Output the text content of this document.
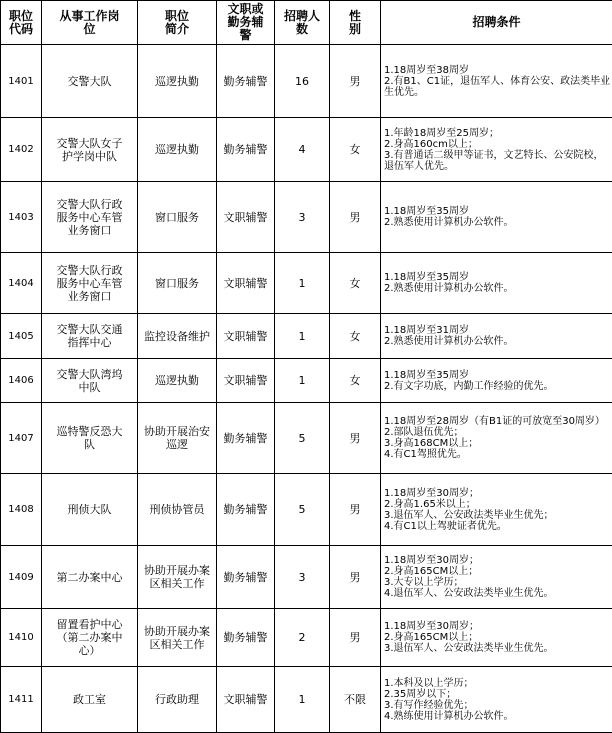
职位
代码	从事工作岗
位	职位
简介	文职或
勤务辅
警	招聘人
数	性
别	招聘条件
1401	交警大队	巡逻执勤	勤务辅警	16	男	1.18周岁至38周岁
2.有B1、C1证，退伍军人、体育公安、政法类毕业生优先。

1402	交警大队女子
护学岗中队	巡逻执勤	勤务辅警	4	女	1.年龄18周岁至25周岁；
2.身高160cm以上；
3.有普通话二级甲等证书，文艺特长、公安院校，退伍军人优先。

1403	交警大队行政
服务中心车管
业务窗口	窗口服务	文职辅警	3	男	1.18周岁至35周岁
2.熟悉使用计算机办公软件。

1404	交警大队行政
服务中心车管
业务窗口	窗口服务	文职辅警	1	女	1.18周岁至35周岁
2.熟悉使用计算机办公软件。

1405	交警大队交通
指挥中心	监控设备维护	文职辅警	1	女	1.18周岁至31周岁
2.熟悉使用计算机办公软件。

1406	交警大队湾坞
中队	巡逻执勤	文职辅警	1	女	1.18周岁至35周岁
2.有文字功底，内勤工作经验的优先。

1407	巡特警反恐大
队	协助开展治安
巡逻	勤务辅警	5	男	1.18周岁至28周岁（有B1证的可放宽至30周岁）
2.部队退伍优先；
3.身高168CM以上；
4.有C1驾照优先。

1408	刑侦大队	刑侦协管员	勤务辅警	5	男	1.18周岁至30周岁；
2.身高1.65米以上；
3.退伍军人、公安政法类毕业生优先；
4.有C1以上驾驶证者优先。

1409	第二办案中心	协助开展办案
区相关工作	勤务辅警	3	男	1.18周岁至30周岁；
2.身高165CM以上；
3.大专以上学历；
4.退伍军人、公安政法类毕业生优先。

1410	留置看护中心
（第二办案中
心）	协助开展办案
区相关工作	勤务辅警	2	男	1.18周岁至30周岁；
2.身高165CM以上；
3.退伍军人、公安政法类毕业生优先。

1411	政工室	行政助理	文职辅警	1	不限	1.本科及以上学历；
2.35周岁以下；
3.有写作经验优先；
4.熟练使用计算机办公软件。
